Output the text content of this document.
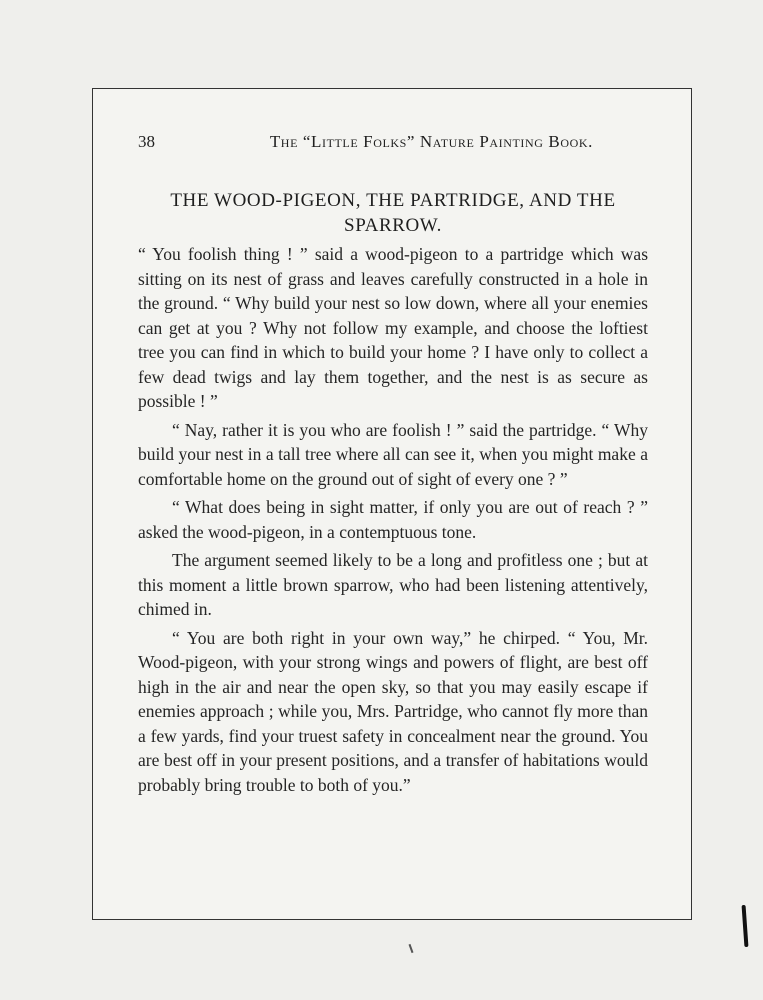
38	The “Little Folks” Nature Painting Book.
THE WOOD-PIGEON, THE PARTRIDGE, AND THE SPARROW.

“ You foolish thing ! ” said a wood-pigeon to a partridge which was sitting on its nest of grass and leaves carefully constructed in a hole in the ground. “ Why build your nest so low down, where all your enemies can get at you ? Why not follow my example, and choose the loftiest tree you can find in which to build your home ? I have only to collect a few dead twigs and lay them together, and the nest is as secure as possible ! ”

“ Nay, rather it is you who are foolish ! ” said the partridge. “ Why build your nest in a tall tree where all can see it, when you might make a comfortable home on the ground out of sight of every one ? ”

“ What does being in sight matter, if only you are out of reach ? ” asked the wood-pigeon, in a contemptuous tone.

The argument seemed likely to be a long and profitless one ; but at this moment a little brown sparrow, who had been listening attentively, chimed in.

“ You are both right in your own way,” he chirped. “ You, Mr. Wood-pigeon, with your strong wings and powers of flight, are best off high in the air and near the open sky, so that you may easily escape if enemies approach ; while you, Mrs. Partridge, who cannot fly more than a few yards, find your truest safety in concealment near the ground. You are best off in your present positions, and a transfer of habitations would probably bring trouble to both of you.”
